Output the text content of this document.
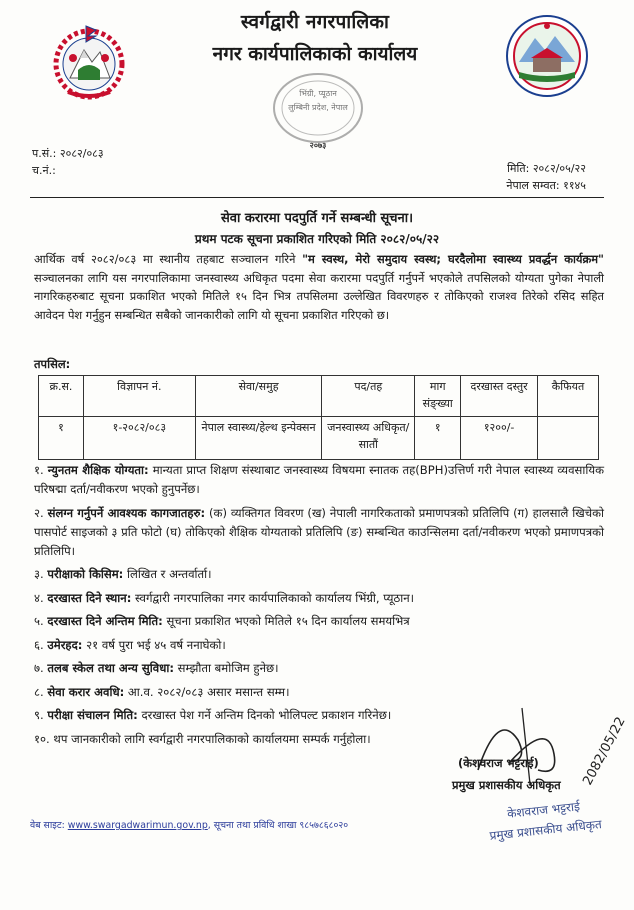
स्वर्गद्वारी नगरपालिका
नगर कार्यपालिकाको कार्यालय
भिंग्री, प्यूठान
लुम्बिनी प्रदेश, नेपाल
२०७३
प.सं.: २०८२/०८३
च.नं.:	मिति: २०८२/०५/२२
नेपाल सम्वत: ११४५
सेवा करारमा पदपुर्ति गर्ने सम्बन्धी सूचना।
प्रथम पटक सूचना प्रकाशित गरिएको मिति २०८२/०५/२२
आर्थिक वर्ष २०८२/०८३ मा स्थानीय तहबाट सञ्चालन गरिने "म स्वस्थ, मेरो समुदाय स्वस्थ; घरदैलोमा स्वास्थ्य प्रवर्द्धन कार्यक्रम" सञ्चालनका लागि यस नगरपालिकामा जनस्वास्थ्य अधिकृत पदमा सेवा करारमा पदपुर्ति गर्नुपर्ने भएकोले तपसिलको योग्यता पुगेका नेपाली नागरिकहरुबाट सूचना प्रकाशित भएको मितिले १५ दिन भित्र तपसिलमा उल्लेखित विवरणहरु र तोकिएको राजश्व तिरेको रसिद सहित आवेदन पेश गर्नुहुन सम्बन्धित सबैको जानकारीको लागि यो सूचना प्रकाशित गरिएको छ।
तपसिल:
क्र.स.	विज्ञापन नं.	सेवा/समुह	पद/तह	माग संङ्ख्या	दरखास्त दस्तुर	कैफियत
१	१-२०८२/०८३	नेपाल स्वास्थ्य/हेल्थ इन्पेक्सन	जनस्वास्थ्य अधिकृत/सातौं	१	१२००/-	
१. न्युनतम शैक्षिक योग्यता: मान्यता प्राप्त शिक्षण संस्थाबाट जनस्वास्थ्य विषयमा स्नातक तह(BPH)उत्तिर्ण गरी नेपाल स्वास्थ्य व्यवसायिक परिषद्मा दर्ता/नवीकरण भएको हुनुपर्नेछ।
२. संलग्न गर्नुपर्ने आवश्यक कागजातहरु: (क) व्यक्तिगत विवरण (ख) नेपाली नागरिकताको प्रमाणपत्रको प्रतिलिपि (ग) हालसालै खिचेको पासपोर्ट साइजको ३ प्रति फोटो (घ) तोकिएको शैक्षिक योग्यताको प्रतिलिपि (ङ) सम्बन्धित काउन्सिलमा दर्ता/नवीकरण भएको प्रमाणपत्रको प्रतिलिपि।
३. परीक्षाको किसिम: लिखित र अन्तर्वार्ता।
४. दरखास्त दिने स्थान: स्वर्गद्वारी नगरपालिका नगर कार्यपालिकाको कार्यालय भिंग्री, प्यूठान।
५. दरखास्त दिने अन्तिम मिति: सूचना प्रकाशित भएको मितिले १५ दिन कार्यालय समयभित्र
६. उमेरहद: २१ वर्ष पुरा भई ४५ वर्ष ननाघेको।
७. तलब स्केल तथा अन्य सुविधा: सम्झौता बमोजिम हुनेछ।
८. सेवा करार अवधि: आ.व. २०८२/०८३ असार मसान्त सम्म।
९. परीक्षा संचालन मिति: दरखास्त पेश गर्ने अन्तिम दिनको भोलिपल्ट प्रकाशन गरिनेछ।
१०. थप जानकारीको लागि स्वर्गद्वारी नगरपालिकाको कार्यालयमा सम्पर्क गर्नुहोला।	2082/05/22
(केशवराज भट्टराई)
प्रमुख प्रशासकीय अधिकृत
केशवराज भट्टराई
प्रमुख प्रशासकीय अधिकृत
वेब साइट: www.swargadwarimun.gov.np, सूचना तथा प्रविधि शाखा ९८५७८६८०२०
